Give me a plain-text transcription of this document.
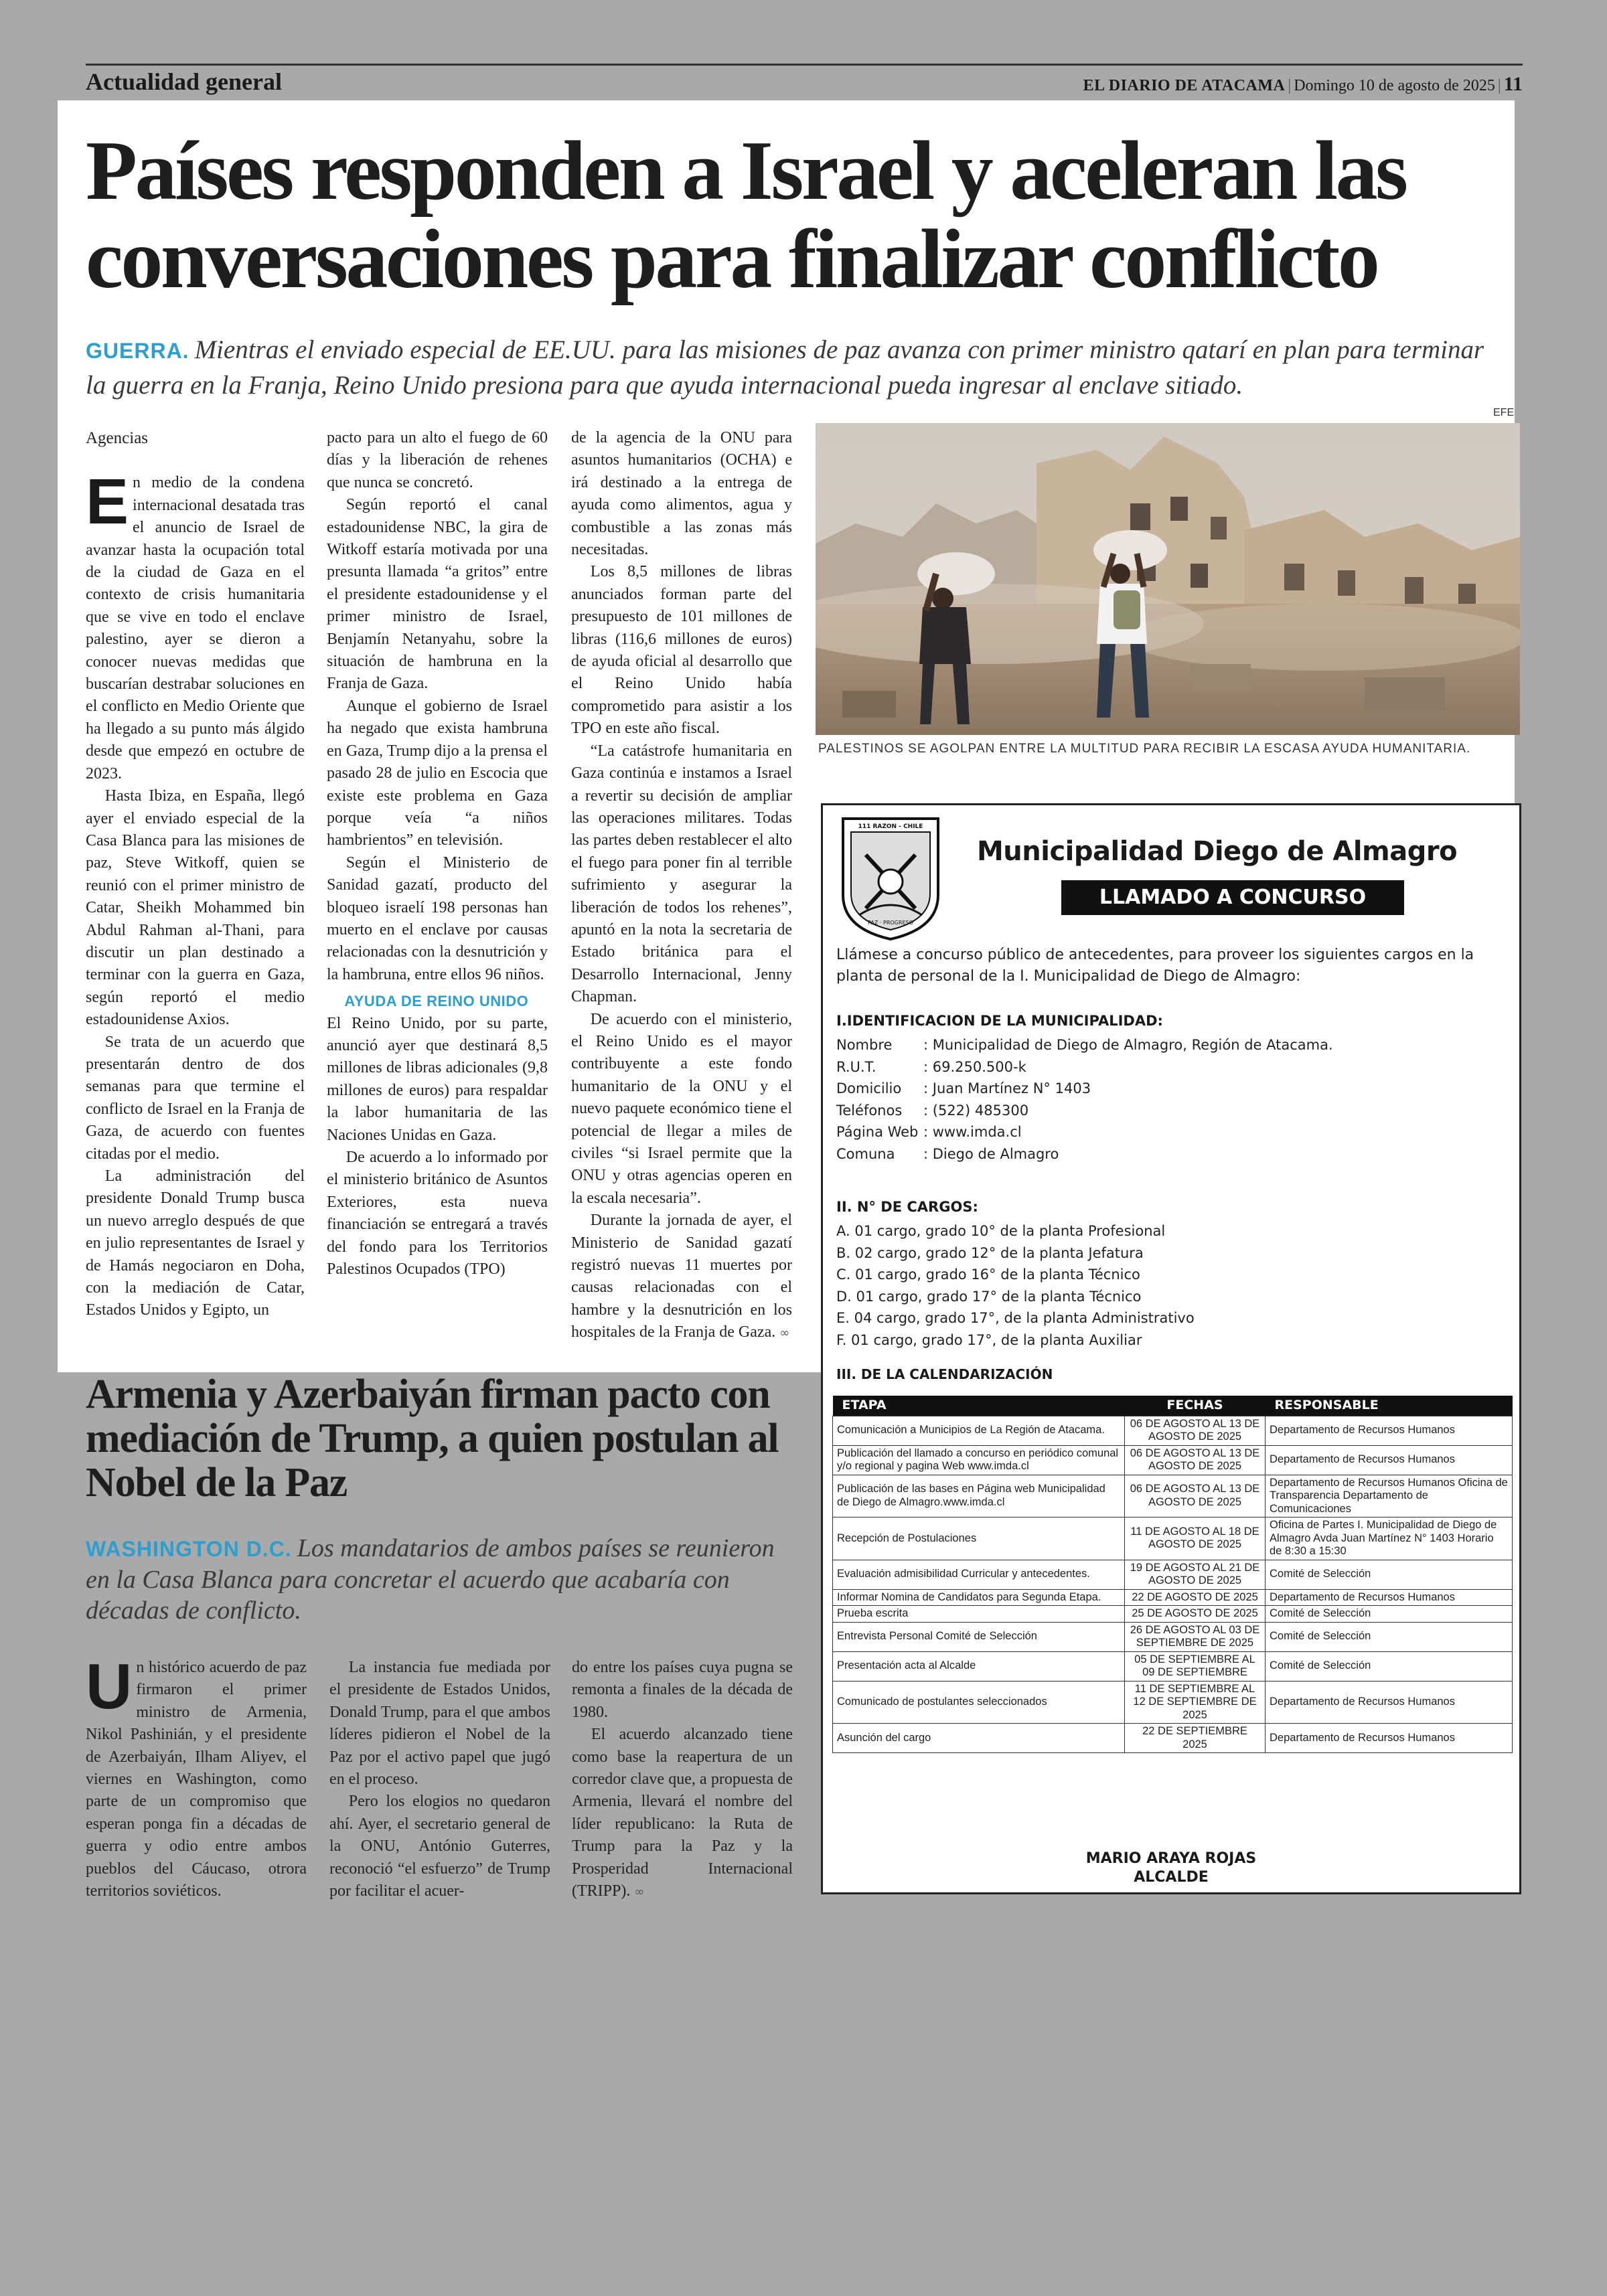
Actualidad general	EL DIARIO DE ATACAMA | Domingo 10 de agosto de 2025 | 11
Países responden a Israel y aceleran las conversaciones para finalizar conflicto
GUERRA. Mientras el enviado especial de EE.UU. para las misiones de paz avanza con primer ministro qatarí en plan para terminar la guerra en la Franja, Reino Unido presiona para que ayuda internacional pueda ingresar al enclave sitiado.
Agencias

En medio de la condena internacional desatada tras el anuncio de Israel de avanzar hasta la ocupación total de la ciudad de Gaza en el contexto de crisis humanitaria que se vive en todo el enclave palestino, ayer se dieron a conocer nuevas medidas que buscarían destrabar soluciones en el conflicto en Medio Oriente que ha llegado a su punto más álgido desde que empezó en octubre de 2023.

Hasta Ibiza, en España, llegó ayer el enviado especial de la Casa Blanca para las misiones de paz, Steve Witkoff, quien se reunió con el primer ministro de Catar, Sheikh Mohammed bin Abdul Rahman al-Thani, para discutir un plan destinado a terminar con la guerra en Gaza, según reportó el medio estadounidense Axios.

Se trata de un acuerdo que presentarán dentro de dos semanas para que termine el conflicto de Israel en la Franja de Gaza, de acuerdo con fuentes citadas por el medio.

La administración del presidente Donald Trump busca un nuevo arreglo después de que en julio representantes de Israel y de Hamás negociaron en Doha, con la mediación de Catar, Estados Unidos y Egipto, un

pacto para un alto el fuego de 60 días y la liberación de rehenes que nunca se concretó.

Según reportó el canal estadounidense NBC, la gira de Witkoff estaría motivada por una presunta llamada “a gritos” entre el presidente estadounidense y el primer ministro de Israel, Benjamín Netanyahu, sobre la situación de hambruna en la Franja de Gaza.

Aunque el gobierno de Israel ha negado que exista hambruna en Gaza, Trump dijo a la prensa el pasado 28 de julio en Escocia que existe este problema en Gaza porque veía “a niños hambrientos” en televisión.

Según el Ministerio de Sanidad gazatí, producto del bloqueo israelí 198 personas han muerto en el enclave por causas relacionadas con la desnutrición y la hambruna, entre ellos 96 niños.

AYUDA DE REINO UNIDO

El Reino Unido, por su parte, anunció ayer que destinará 8,5 millones de libras adicionales (9,8 millones de euros) para respaldar la labor humanitaria de las Naciones Unidas en Gaza.

De acuerdo a lo informado por el ministerio británico de Asuntos Exteriores, esta nueva financiación se entregará a través del fondo para los Territorios Palestinos Ocupados (TPO)

de la agencia de la ONU para asuntos humanitarios (OCHA) e irá destinado a la entrega de ayuda como alimentos, agua y combustible a las zonas más necesitadas.

Los 8,5 millones de libras anunciados forman parte del presupuesto de 101 millones de libras (116,6 millones de euros) de ayuda oficial al desarrollo que el Reino Unido había comprometido para asistir a los TPO en este año fiscal.

“La catástrofe humanitaria en Gaza continúa e instamos a Israel a revertir su decisión de ampliar las operaciones militares. Todas las partes deben restablecer el alto el fuego para poner fin al terrible sufrimiento y asegurar la liberación de todos los rehenes”, apuntó en la nota la secretaria de Estado británica para el Desarrollo Internacional, Jenny Chapman.

De acuerdo con el ministerio, el Reino Unido es el mayor contribuyente a este fondo humanitario de la ONU y el nuevo paquete económico tiene el potencial de llegar a miles de civiles “si Israel permite que la ONU y otras agencias operen en la escala necesaria”.

Durante la jornada de ayer, el Ministerio de Sanidad gazatí registró nuevas 11 muertes por causas relacionadas con el hambre y la desnutrición en los hospitales de la Franja de Gaza. ∞

EFE
PALESTINOS SE AGOLPAN ENTRE LA MULTITUD PARA RECIBIR LA ESCASA AYUDA HUMANITARIA.
Armenia y Azerbaiyán firman pacto con mediación de Trump, a quien postulan al Nobel de la Paz
WASHINGTON D.C. Los mandatarios de ambos países se reunieron en la Casa Blanca para concretar el acuerdo que acabaría con décadas de conflicto.

Un histórico acuerdo de paz firmaron el primer ministro de Armenia, Nikol Pashinián, y el presidente de Azerbaiyán, Ilham Aliyev, el viernes en Washington, como parte de un compromiso que esperan ponga fin a décadas de guerra y odio entre ambos pueblos del Cáucaso, otrora territorios soviéticos.

La instancia fue mediada por el presidente de Estados Unidos, Donald Trump, para el que ambos líderes pidieron el Nobel de la Paz por el activo papel que jugó en el proceso.

Pero los elogios no quedaron ahí. Ayer, el secretario general de la ONU, António Guterres, reconoció “el esfuerzo” de Trump por facilitar el acuer-

do entre los países cuya pugna se remonta a finales de la década de 1980.

El acuerdo alcanzado tiene como base la reapertura de un corredor clave que, a propuesta de Armenia, llevará el nombre del líder republicano: la Ruta de Trump para la Paz y la Prosperidad Internacional (TRIPP). ∞

111 RAZON - CHILE
PAZ · PROGRESO
Municipalidad Diego de Almagro
LLAMADO A CONCURSO
Llámese a concurso público de antecedentes, para proveer los siguientes cargos en la planta de personal de la I. Municipalidad de Diego de Almagro:
I.IDENTIFICACION DE LA MUNICIPALIDAD:
Nombre : Municipalidad de Diego de Almagro, Región de Atacama.
R.U.T.	: 69.250.500-k
Domicilio : Juan Martínez N° 1403
Teléfonos : (522) 485300
Página Web : www.imda.cl
Comuna : Diego de Almagro
II. N° DE CARGOS:
A. 01 cargo, grado 10° de la planta Profesional
B. 02 cargo, grado 12° de la planta Jefatura
C. 01 cargo, grado 16° de la planta Técnico
D. 01 cargo, grado 17° de la planta Técnico
E. 04 cargo, grado 17°, de la planta Administrativo
F. 01 cargo, grado 17°, de la planta Auxiliar
III. DE LA CALENDARIZACIÓN
ETAPA	FECHAS	RESPONSABLE
Comunicación a Municipios de La Región de Atacama.	06 DE AGOSTO AL 13 DE AGOSTO DE 2025	Departamento de Recursos Humanos
Publicación del llamado a concurso en periódico comunal y/o regional y pagina Web www.imda.cl	06 DE AGOSTO AL 13 DE AGOSTO DE 2025	Departamento de Recursos Humanos
Publicación de las bases en Página web Municipalidad de Diego de Almagro.www.imda.cl	06 DE AGOSTO AL 13 DE AGOSTO DE 2025	Departamento de Recursos Humanos Oficina de Transparencia Departamento de Comunicaciones
Recepción de Postulaciones	11 DE AGOSTO AL 18 DE AGOSTO DE 2025	Oficina de Partes I. Municipalidad de Diego de Almagro Avda Juan Martínez N° 1403 Horario de 8:30 a 15:30
Evaluación admisibilidad Curricular y antecedentes.	19 DE AGOSTO AL 21 DE AGOSTO DE 2025	Comité de Selección
Informar Nomina de Candidatos para Segunda Etapa.	22 DE AGOSTO DE 2025	Departamento de Recursos Humanos
Prueba escrita	25 DE AGOSTO DE 2025	Comité de Selección
Entrevista Personal Comité de Selección	26 DE AGOSTO AL 03 DE SEPTIEMBRE DE 2025	Comité de Selección
Presentación acta al Alcalde	05 DE SEPTIEMBRE AL 09 DE SEPTIEMBRE	Comité de Selección
Comunicado de postulantes seleccionados	11 DE SEPTIEMBRE AL 12 DE SEPTIEMBRE DE 2025	Departamento de Recursos Humanos
Asunción del cargo	22 DE SEPTIEMBRE 2025	Departamento de Recursos Humanos
MARIO ARAYA ROJAS
ALCALDE
